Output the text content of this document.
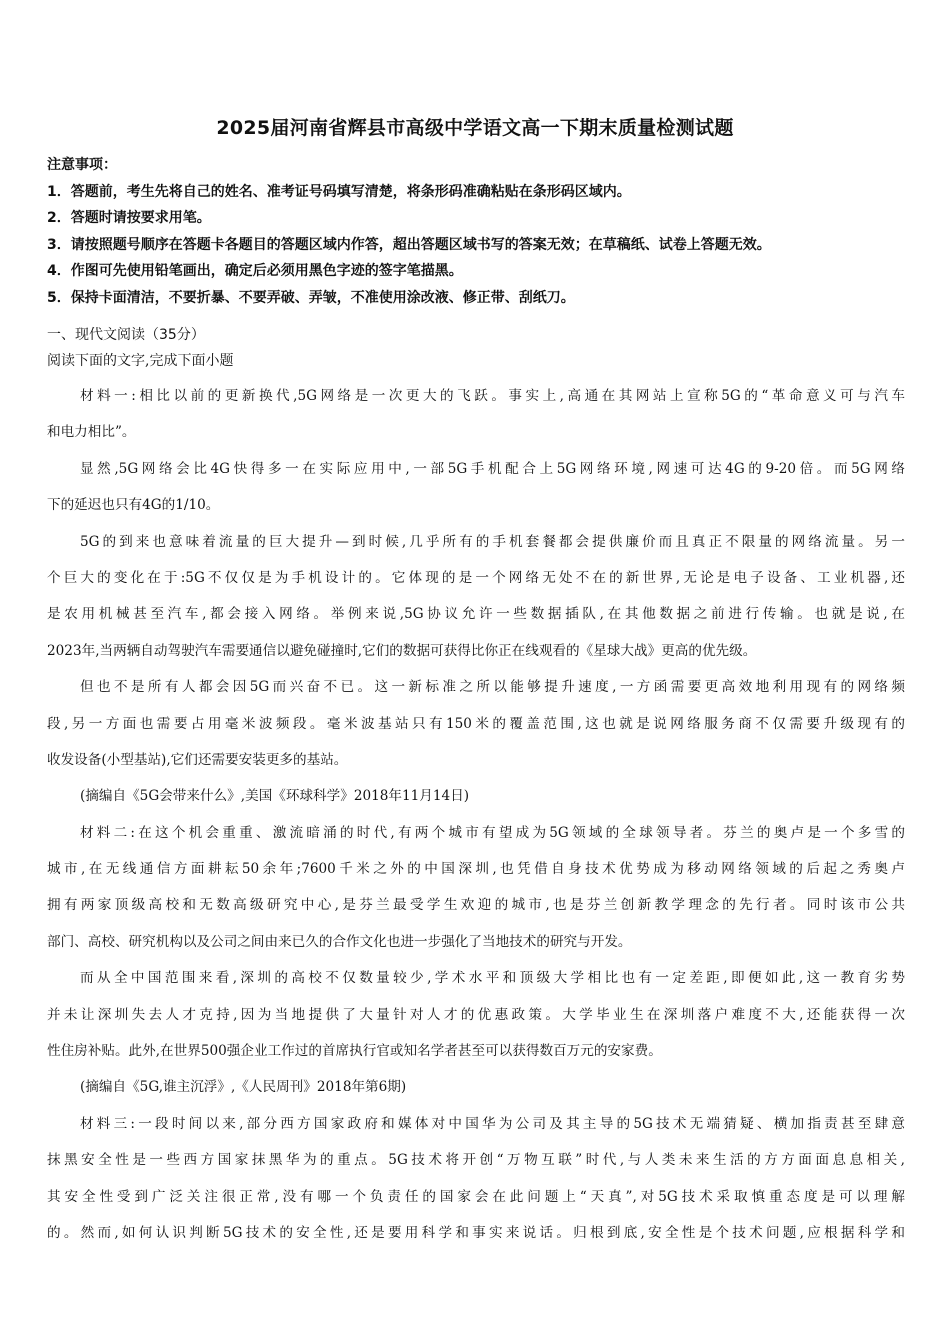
2025届河南省辉县市高级中学语文高一下期末质量检测试题
注意事项：
1．答题前，考生先将自己的姓名、准考证号码填写清楚，将条形码准确粘贴在条形码区域内。
2．答题时请按要求用笔。
3．请按照题号顺序在答题卡各题目的答题区域内作答，超出答题区域书写的答案无效；在草稿纸、试卷上答题无效。
4．作图可先使用铅笔画出，确定后必须用黑色字迹的签字笔描黑。
5．保持卡面清洁，不要折暴、不要弄破、弄皱，不准使用涂改液、修正带、刮纸刀。
一、现代文阅读（35分）
阅读下面的文字,完成下面小题
材料一:相比以前的更新换代,5G网络是一次更大的飞跃。事实上,高通在其网站上宣称5G的“革命意义可与汽车
和电力相比”。
显然,5G网络会比4G快得多一在实际应用中,一部5G手机配合上5G网络环境,网速可达4G的9-20倍。而5G网络
下的延迟也只有4G的1/10。
5G的到来也意味着流量的巨大提升—到时候,几乎所有的手机套餐都会提供廉价而且真正不限量的网络流量。另一
个巨大的变化在于:5G不仅仅是为手机设计的。它体现的是一个网络无处不在的新世界,无论是电子设备、工业机器,还
是农用机械甚至汽车,都会接入网络。举例来说,5G协议允许一些数据插队,在其他数据之前进行传输。也就是说,在
2023年,当两辆自动驾驶汽车需要通信以避免碰撞时,它们的数据可获得比你正在线观看的《星球大战》更高的优先级。
但也不是所有人都会因5G而兴奋不已。这一新标准之所以能够提升速度,一方函需要更高效地利用现有的网络频
段,另一方面也需要占用毫米波频段。毫米波基站只有150米的覆盖范围,这也就是说网络服务商不仅需要升级现有的
收发设备(小型基站),它们还需要安装更多的基站。
(摘编自《5G会带来什么》,美国《环球科学》2018年11月14日)
材料二:在这个机会重重、激流暗涌的时代,有两个城市有望成为5G领域的全球领导者。芬兰的奥卢是一个多雪的
城市,在无线通信方面耕耘50余年;7600千米之外的中国深圳,也凭借自身技术优势成为移动网络领域的后起之秀奥卢
拥有两家顶级高校和无数高级研究中心,是芬兰最受学生欢迎的城市,也是芬兰创新教学理念的先行者。同时该市公共
部门、高校、研究机构以及公司之间由来已久的合作文化也进一步强化了当地技术的研究与开发。
而从全中国范围来看,深圳的高校不仅数量较少,学术水平和顶级大学相比也有一定差距,即便如此,这一教育劣势
并未让深圳失去人才克持,因为当地提供了大量针对人才的优惠政策。大学毕业生在深圳落户难度不大,还能获得一次
性住房补贴。此外,在世界500强企业工作过的首席执行官或知名学者甚至可以获得数百万元的安家费。
(摘编自《5G,谁主沉浮》,《人民周刊》2018年第6期)
材料三:一段时间以来,部分西方国家政府和媒体对中国华为公司及其主导的5G技术无端猜疑、横加指责甚至肆意
抹黑安全性是一些西方国家抹黑华为的重点。5G技术将开创“万物互联”时代,与人类未来生活的方方面面息息相关,
其安全性受到广泛关注很正常,没有哪一个负责任的国家会在此问题上“天真”,对5G技术采取慎重态度是可以理解
的。然而,如何认识判断5G技术的安全性,还是要用科学和事实来说话。归根到底,安全性是个技术问题,应根据科学和
